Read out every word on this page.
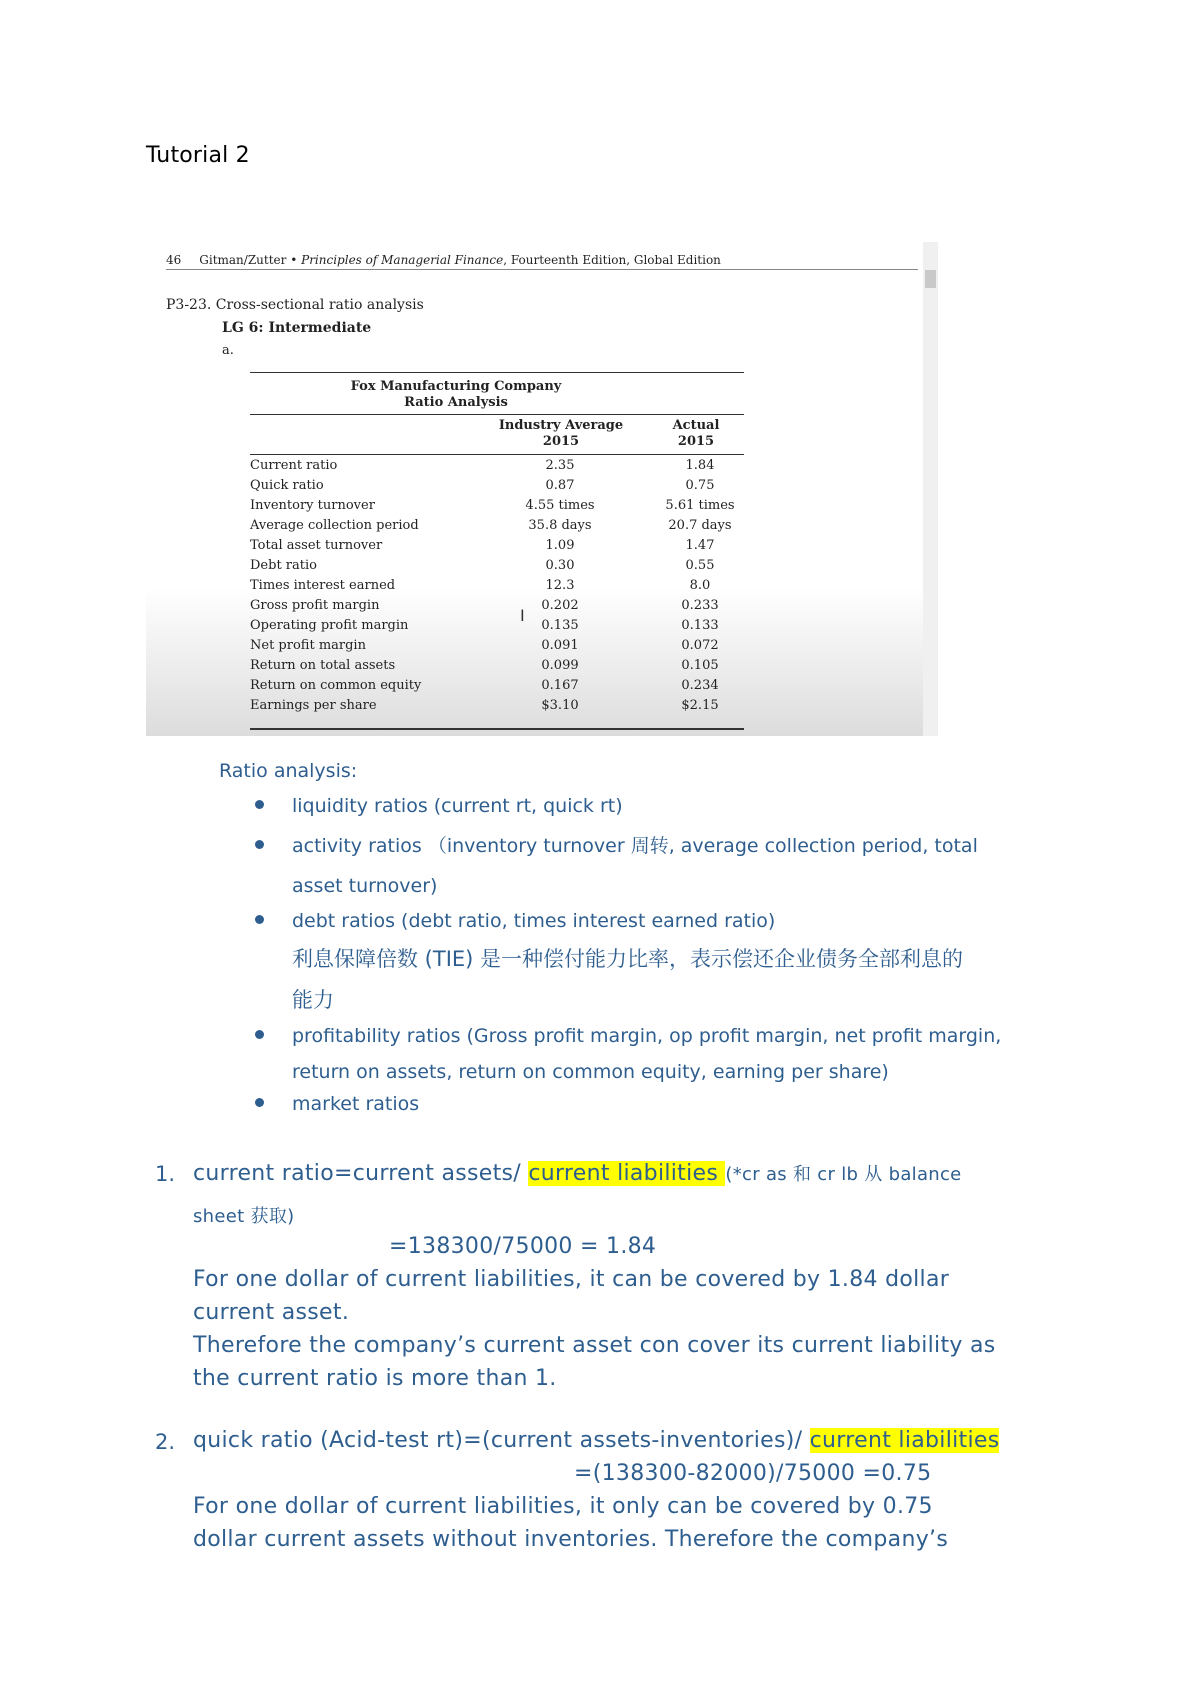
Tutorial 2
46 Gitman/Zutter • Principles of Managerial Finance, Fourteenth Edition, Global Edition
P3-23. Cross-sectional ratio analysis
LG 6: Intermediate
a.
Fox Manufacturing Company
Ratio Analysis
Industry Average
2015
Actual
2015
Current ratio	2.35	1.84
Quick ratio	0.87	0.75
Inventory turnover	4.55 times	5.61 times
Average collection period	35.8 days	20.7 days
Total asset turnover	1.09	1.47
Debt ratio	0.30	0.55
Times interest earned	12.3	8.0
Gross profit margin	0.202	0.233
Operating profit margin	0.135	0.133
Net profit margin	0.091	0.072
Return on total assets	0.099	0.105
Return on common equity	0.167	0.234
Earnings per share	$3.10	$2.15
I
Ratio analysis:
liquidity ratios (current rt, quick rt)
activity ratios （inventory turnover 周转, average collection period, total
asset turnover)
debt ratios (debt ratio, times interest earned ratio)
利息保障倍数 (TIE) 是一种偿付能力比率，表示偿还企业债务全部利息的
能力
profitability ratios (Gross profit margin, op profit margin, net profit margin,
return on assets, return on common equity, earning per share)
market ratios
1. current ratio=current assets/ current liabilities (*cr as 和 cr lb 从 balance
sheet 获取)
=138300/75000 = 1.84
For one dollar of current liabilities, it can be covered by 1.84 dollar
current asset.
Therefore the company’s current asset con cover its current liability as
the current ratio is more than 1.
2. quick ratio (Acid-test rt)=(current assets-inventories)/ current liabilities
=(138300-82000)/75000 =0.75
For one dollar of current liabilities, it only can be covered by 0.75
dollar current assets without inventories. Therefore the company’s
